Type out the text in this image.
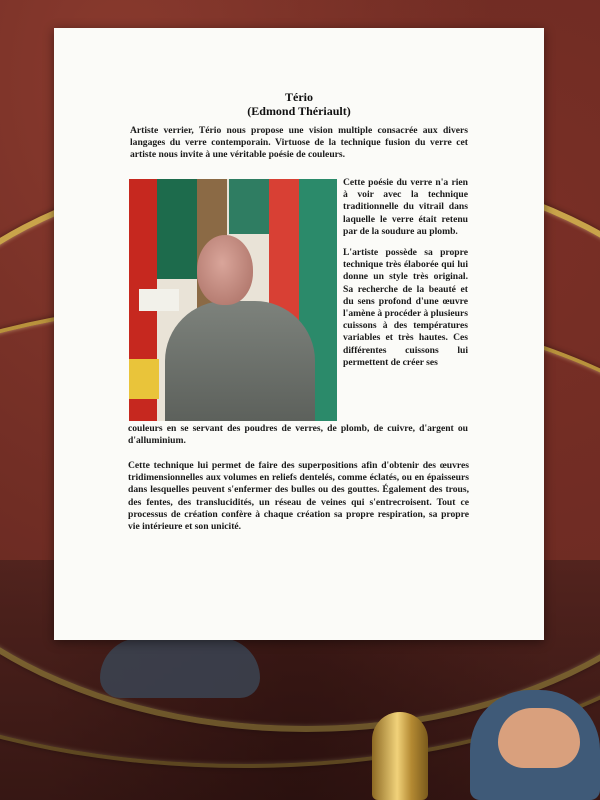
Tério
(Edmond Thériault)
Artiste verrier, Tério nous propose une vision multiple consacrée aux divers langages du verre contemporain. Virtuose de la technique fusion du verre cet artiste nous invite à une véritable poésie de couleurs.

Cette poésie du verre n'a rien à voir avec la technique traditionnelle du vitrail dans laquelle le verre était retenu par de la soudure au plomb.

L'artiste possède sa propre technique très élaborée qui lui donne un style très original. Sa recherche de la beauté et du sens profond d'une œuvre l'amène à procéder à plusieurs cuissons à des températures variables et très hautes. Ces différentes cuissons lui permettent de créer ses

couleurs en se servant des poudres de verres, de plomb, de cuivre, d'argent ou d'alluminium.
Cette technique lui permet de faire des superpositions afin d'obtenir des œuvres tridimensionnelles aux volumes en reliefs dentelés, comme éclatés, ou en épaisseurs dans lesquelles peuvent s'enfermer des bulles ou des gouttes. Également des trous, des fentes, des translucidités, un réseau de veines qui s'entrecroisent. Tout ce processus de création confère à chaque création sa propre respiration, sa propre vie intérieure et son unicité.
